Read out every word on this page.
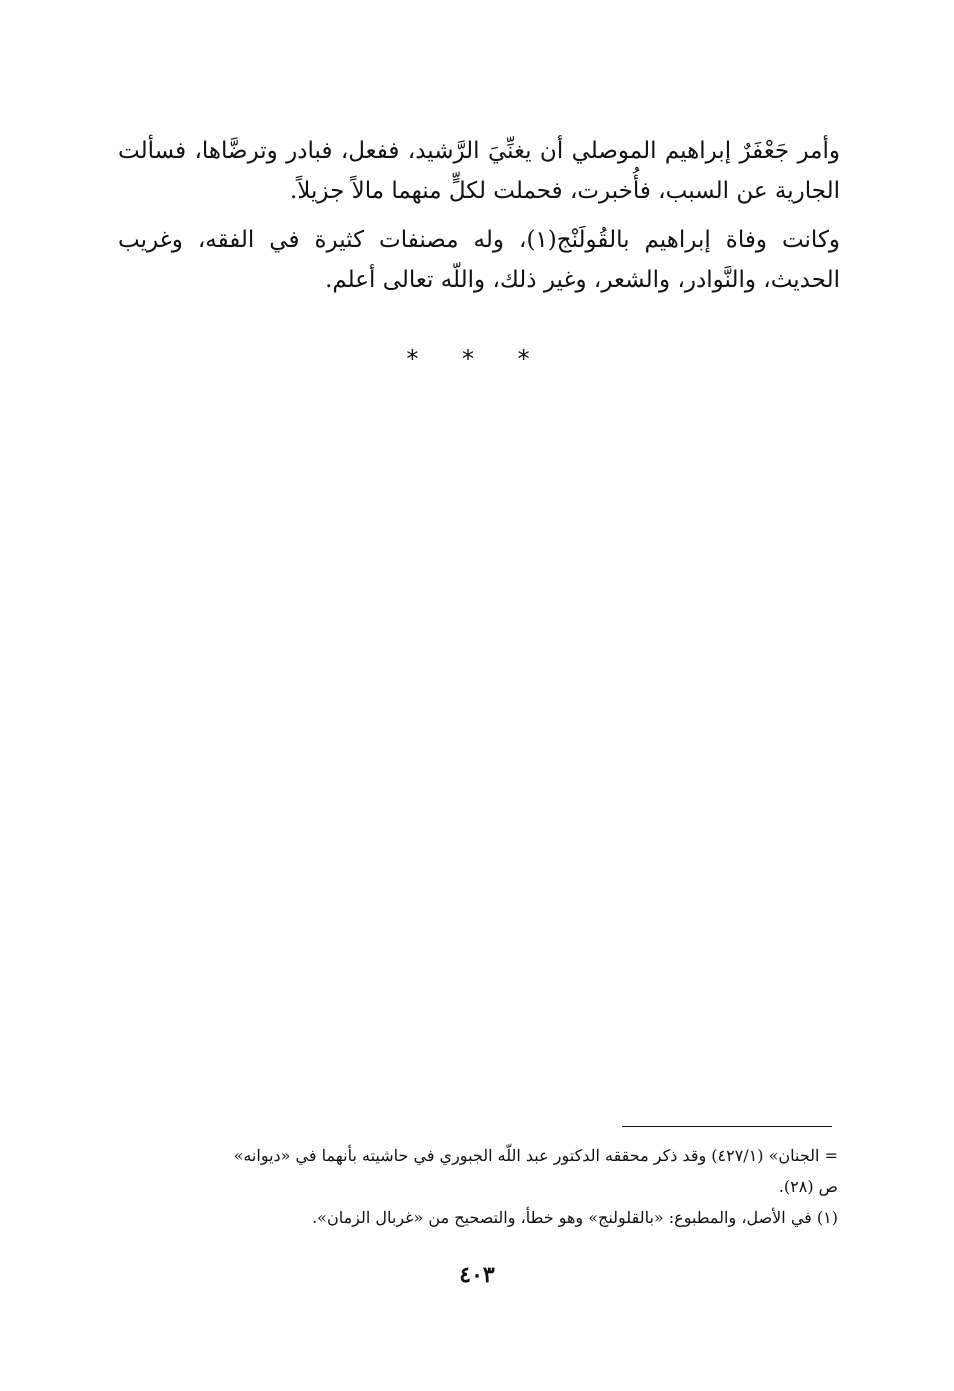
وأمر جَعْفَرٌ إبراهيم الموصلي أن يغنِّيَ الرَّشيد، ففعل، فبادر وترضَّاها، فسألت الجارية عن السبب، فأُخبرت، فحملت لكلٍّ منهما مالاً جزيلاً.

وكانت وفاة إبراهيم بالقُولَنْج(١)، وله مصنفات كثيرة في الفقه، وغريب الحديث، والنَّوادر، والشعر، وغير ذلك، واللّه تعالى أعلم.

* * *

= الجنان» (٤٢٧/١) وقد ذكر محققه الدكتور عبد اللّه الجبوري في حاشيته بأنهما في «ديوانه»

ص (٢٨).

(١) في الأصل، والمطبوع: «بالقلولنج» وهو خطأ، والتصحيح من «غربال الزمان».

٤٠٣
